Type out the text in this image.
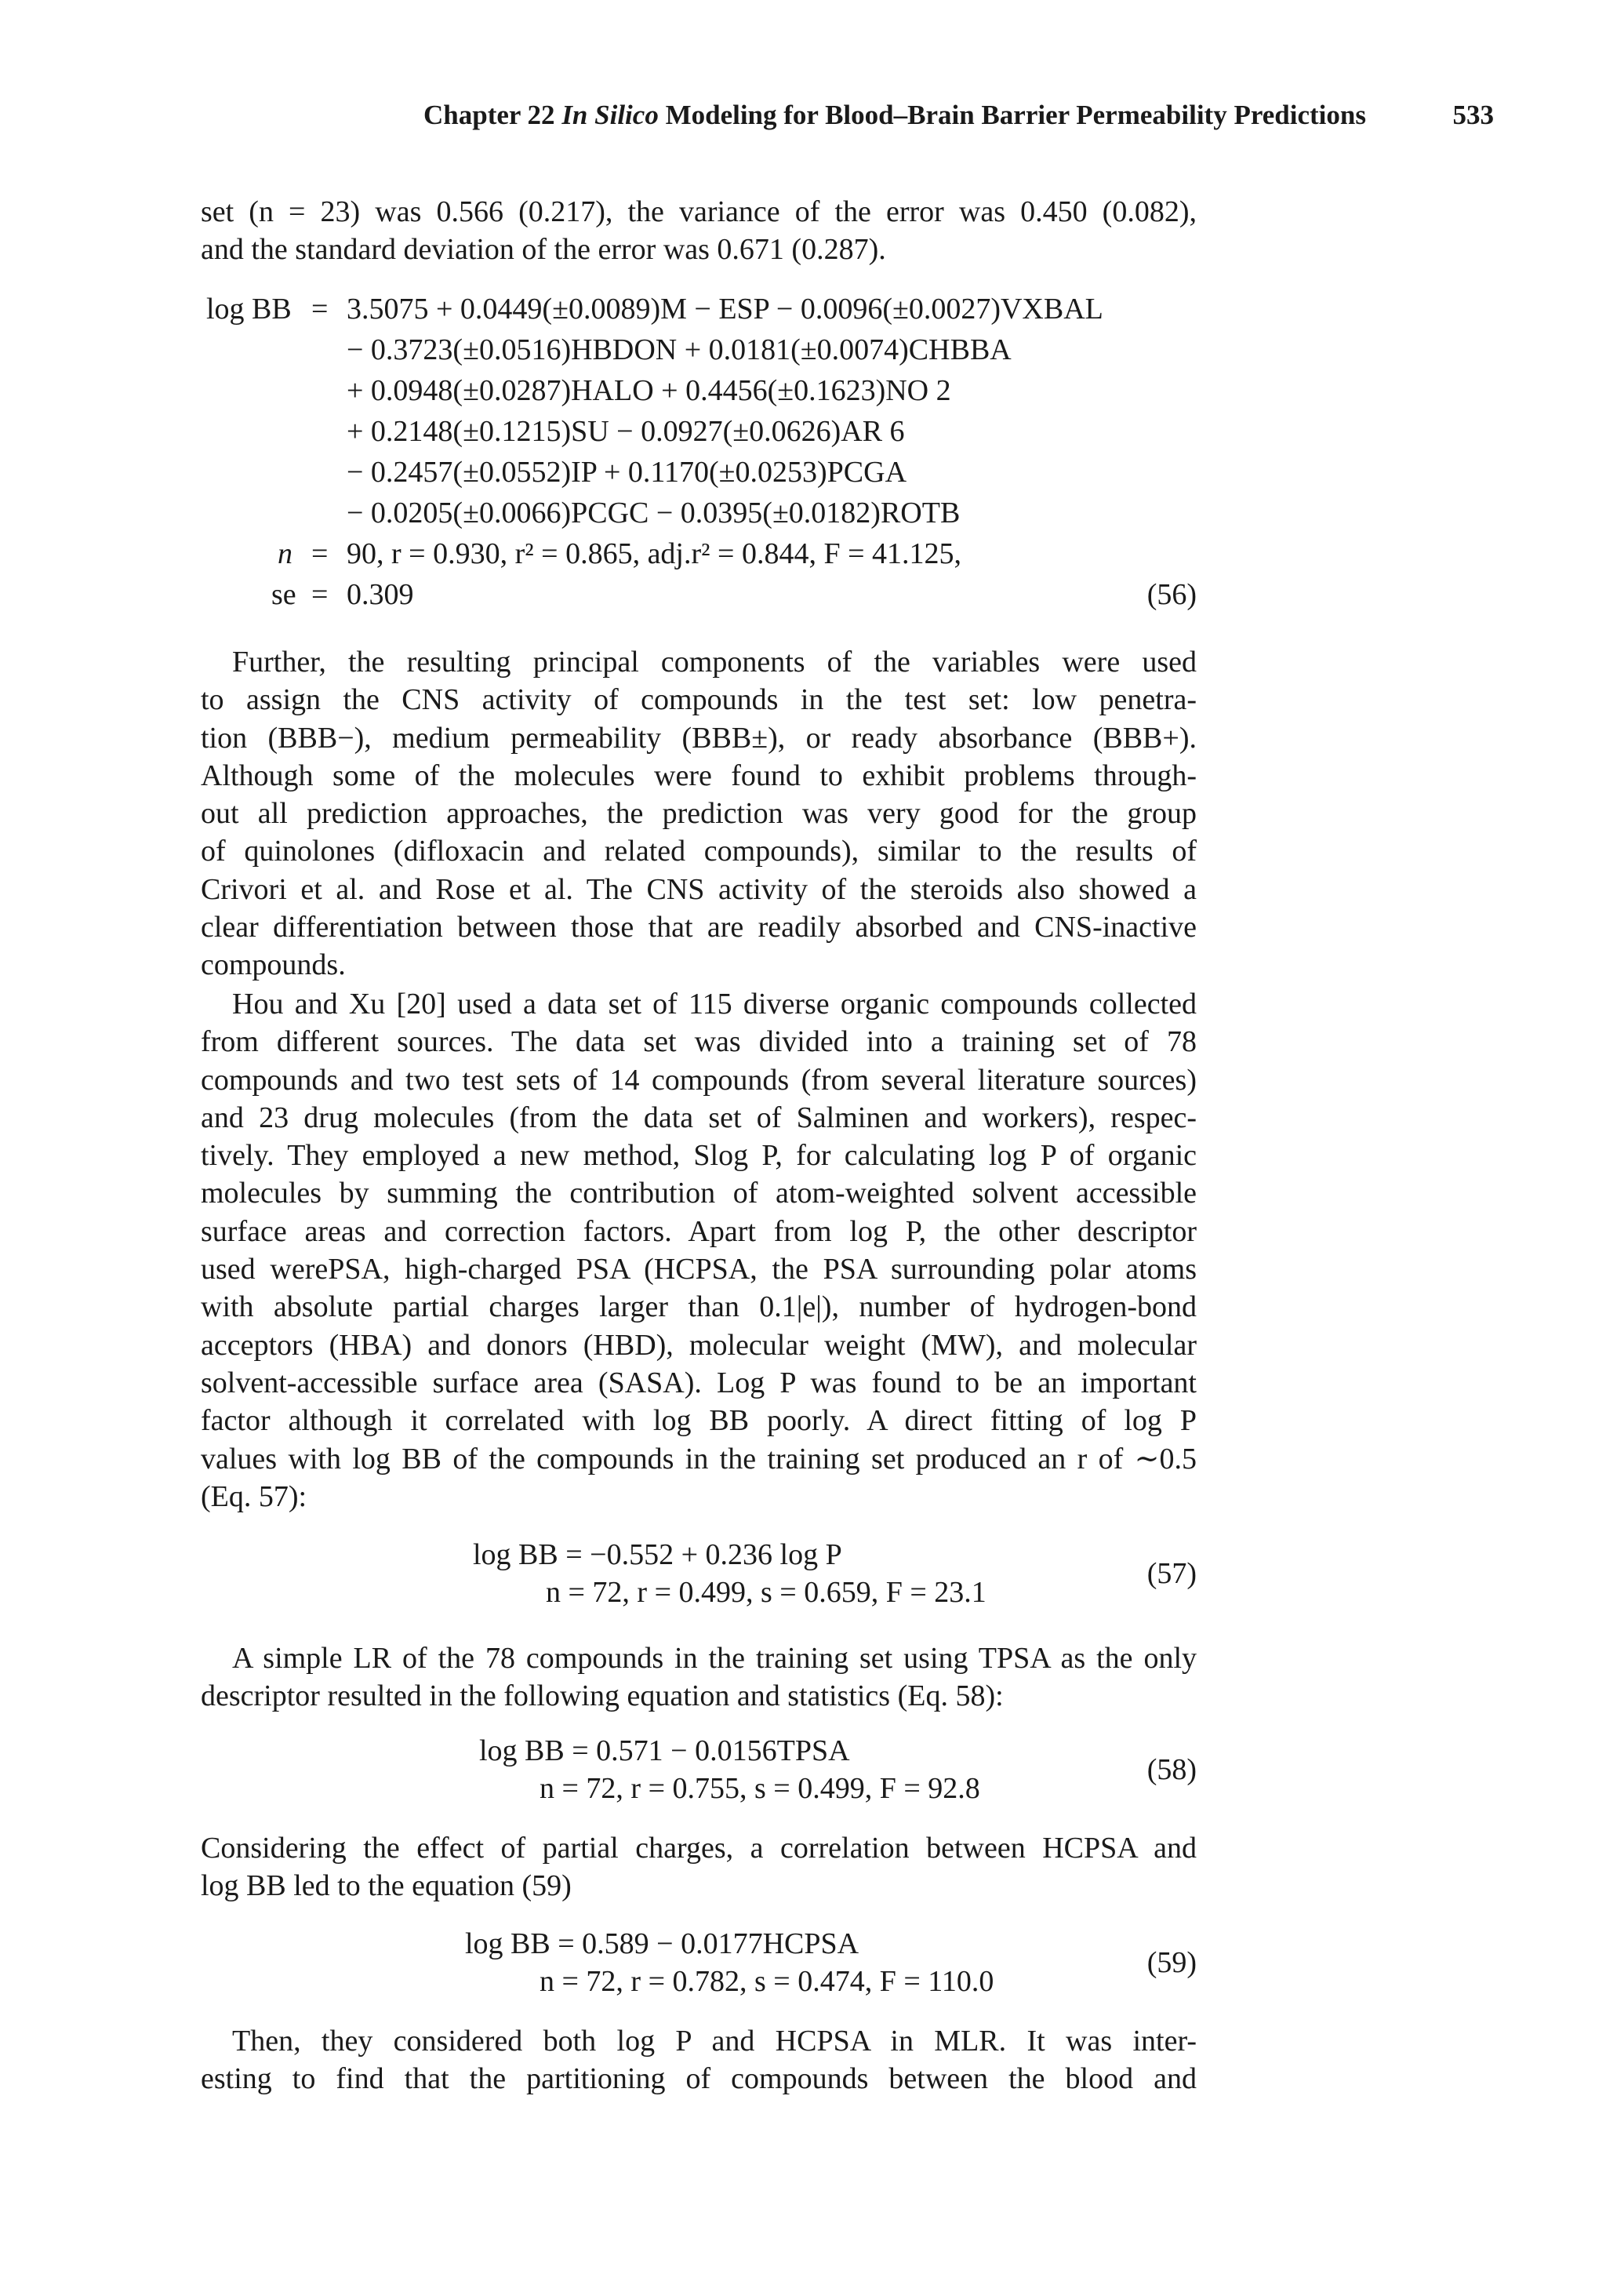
Chapter 22 In Silico Modeling for Blood–Brain Barrier Permeability Predictions	533
set (n = 23) was 0.566 (0.217), the variance of the error was 0.450 (0.082),
and the standard deviation of the error was 0.671 (0.287).
log BB = 3.5075 + 0.0449(±0.0089)M − ESP − 0.0096(±0.0027)VXBAL
− 0.3723(±0.0516)HBDON + 0.0181(±0.0074)CHBBA
+ 0.0948(±0.0287)HALO + 0.4456(±0.1623)NO 2
+ 0.2148(±0.1215)SU − 0.0927(±0.0626)AR 6
− 0.2457(±0.0552)IP + 0.1170(±0.0253)PCGA
− 0.0205(±0.0066)PCGC − 0.0395(±0.0182)ROTB
n = 90, r = 0.930, r² = 0.865, adj.r² = 0.844, F = 41.125,
se = 0.309	(56)
Further, the resulting principal components of the variables were used
to assign the CNS activity of compounds in the test set: low penetra-
tion (BBB−), medium permeability (BBB±), or ready absorbance (BBB+).
Although some of the molecules were found to exhibit problems through-
out all prediction approaches, the prediction was very good for the group
of quinolones (difloxacin and related compounds), similar to the results of
Crivori et al. and Rose et al. The CNS activity of the steroids also showed a
clear differentiation between those that are readily absorbed and CNS-inactive
compounds.
Hou and Xu [20] used a data set of 115 diverse organic compounds collected
from different sources. The data set was divided into a training set of 78
compounds and two test sets of 14 compounds (from several literature sources)
and 23 drug molecules (from the data set of Salminen and workers), respec-
tively. They employed a new method, Slog P, for calculating log P of organic
molecules by summing the contribution of atom-weighted solvent accessible
surface areas and correction factors. Apart from log P, the other descriptor
used werePSA, high-charged PSA (HCPSA, the PSA surrounding polar atoms
with absolute partial charges larger than 0.1|e|), number of hydrogen-bond
acceptors (HBA) and donors (HBD), molecular weight (MW), and molecular
solvent-accessible surface area (SASA). Log P was found to be an important
factor although it correlated with log BB poorly. A direct fitting of log P
values with log BB of the compounds in the training set produced an r of ∼0.5
(Eq. 57):
log BB = −0.552 + 0.236 log P
n = 72, r = 0.499, s = 0.659, F = 23.1
(57)
A simple LR of the 78 compounds in the training set using TPSA as the only
descriptor resulted in the following equation and statistics (Eq. 58):
log BB = 0.571 − 0.0156TPSA
n = 72, r = 0.755, s = 0.499, F = 92.8
(58)
Considering the effect of partial charges, a correlation between HCPSA and
log BB led to the equation (59)
log BB = 0.589 − 0.0177HCPSA
n = 72, r = 0.782, s = 0.474, F = 110.0
(59)
Then, they considered both log P and HCPSA in MLR. It was inter-
esting to find that the partitioning of compounds between the blood and
